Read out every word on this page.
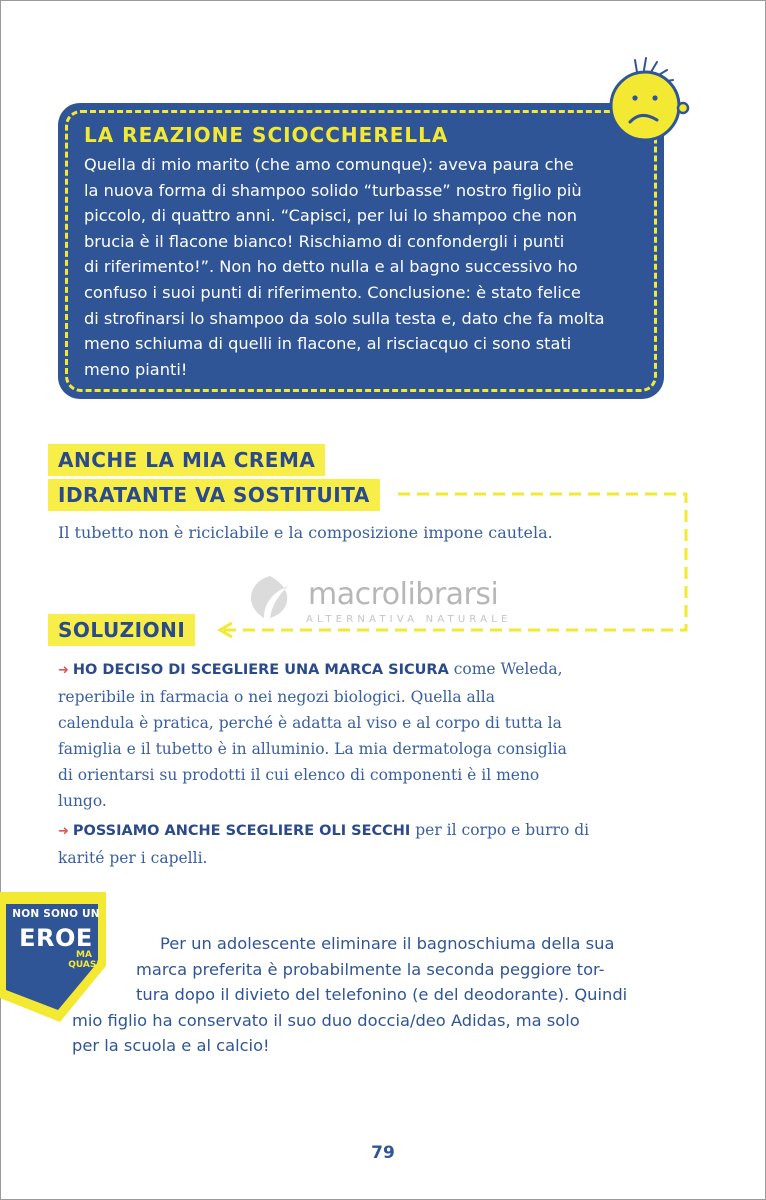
LA REAZIONE SCIOCCHERELLA
Quella di mio marito (che amo comunque): aveva paura che
la nuova forma di shampoo solido “turbasse” nostro figlio più
piccolo, di quattro anni. “Capisci, per lui lo shampoo che non
brucia è il flacone bianco! Rischiamo di confondergli i punti
di riferimento!”. Non ho detto nulla e al bagno successivo ho
confuso i suoi punti di riferimento. Conclusione: è stato felice
di strofinarsi lo shampoo da solo sulla testa e, dato che fa molta
meno schiuma di quelli in flacone, al risciacquo ci sono stati
meno pianti!
ANCHE LA MIA CREMA
IDRATANTE VA SOSTITUITA
Il tubetto non è riciclabile e la composizione impone cautela.
macrolibrarsi
ALTERNATIVA NATURALE
SOLUZIONI
➜ HO DECISO DI SCEGLIERE UNA MARCA SICURA come Weleda,
reperibile in farmacia o nei negozi biologici. Quella alla
calendula è pratica, perché è adatta al viso e al corpo di tutta la
famiglia e il tubetto è in alluminio. La mia dermatologa consiglia
di orientarsi su prodotti il cui elenco di componenti è il meno
lungo.
➜ POSSIAMO ANCHE SCEGLIERE OLI SECCHI per il corpo e burro di
karité per i capelli.
NON SONO UN
EROE
MA
QUASI
Per un adolescente eliminare il bagnoschiuma della sua
marca preferita è probabilmente la seconda peggiore tor-
tura dopo il divieto del telefonino (e del deodorante). Quindi
mio figlio ha conservato il suo duo doccia/deo Adidas, ma solo
per la scuola e al calcio!
79
